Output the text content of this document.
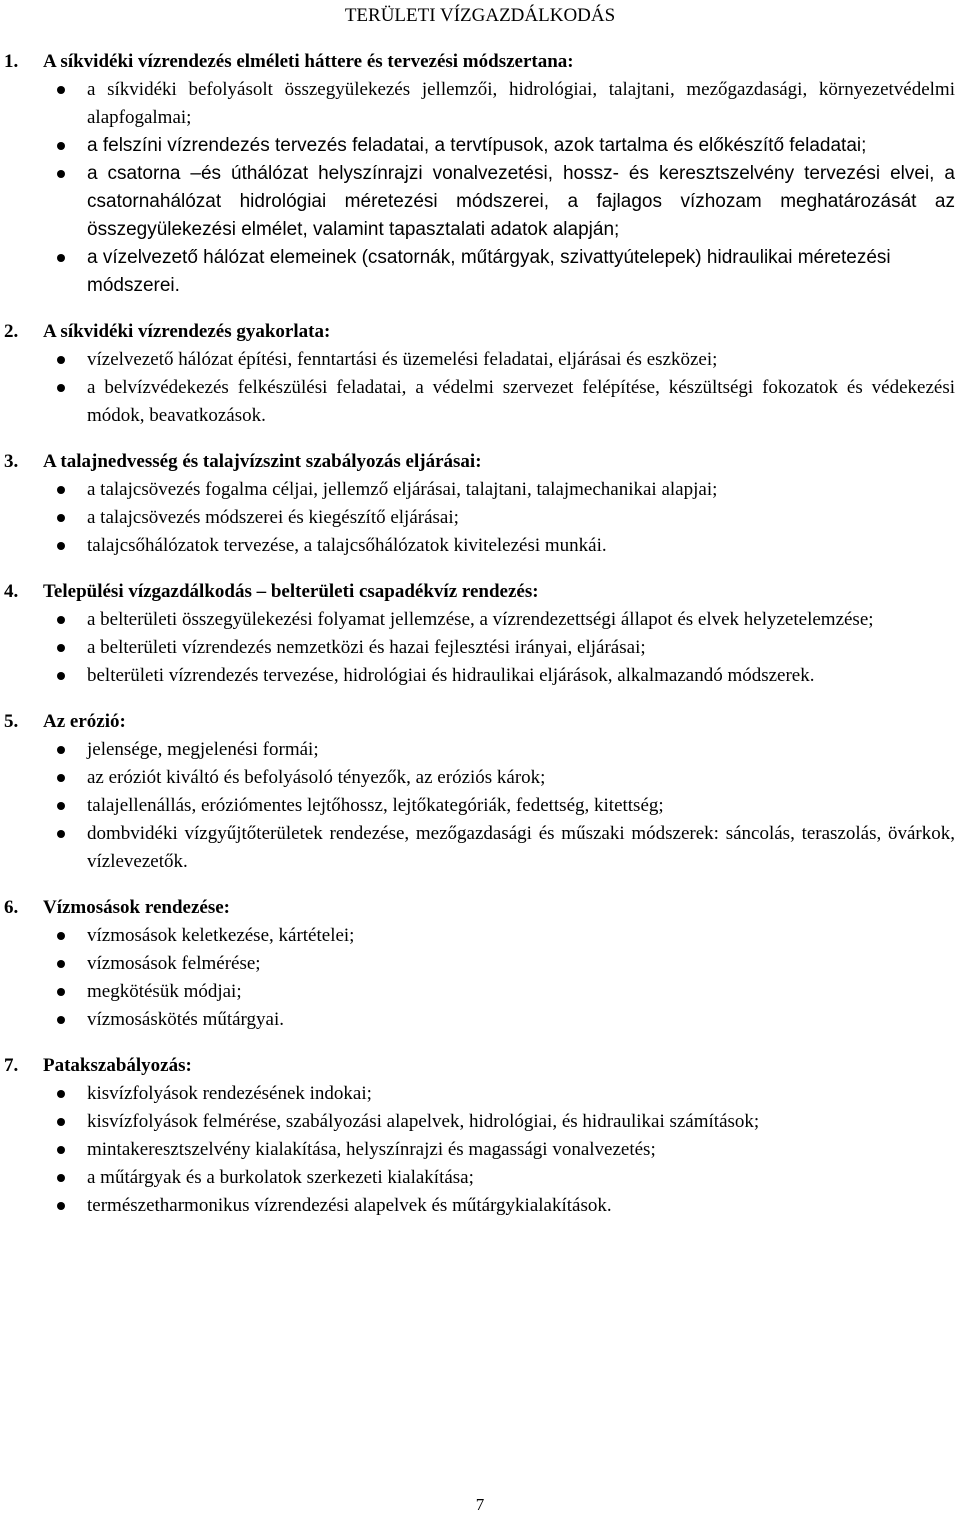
TERÜLETI VÍZGAZDÁLKODÁS

1. A síkvidéki vízrendezés elméleti háttere és tervezési módszertana:

a síkvidéki befolyásolt összegyülekezés jellemzői, hidrológiai, talajtani, mezőgazdasági, környezetvédelmi alapfogalmai;
a felszíni vízrendezés tervezés feladatai, a tervtípusok, azok tartalma és előkészítő feladatai;
a csatorna –és úthálózat helyszínrajzi vonalvezetési, hossz- és keresztszelvény tervezési elvei, a csatornahálózat hidrológiai méretezési módszerei, a fajlagos vízhozam meghatározását az összegyülekezési elmélet, valamint tapasztalati adatok alapján;
a vízelvezető hálózat elemeinek (csatornák, műtárgyak, szivattyútelepek) hidraulikai méretezési módszerei.

2. A síkvidéki vízrendezés gyakorlata:

vízelvezető hálózat építési, fenntartási és üzemelési feladatai, eljárásai és eszközei;
a belvízvédekezés felkészülési feladatai, a védelmi szervezet felépítése, készültségi fokozatok és védekezési módok, beavatkozások.

3. A talajnedvesség és talajvízszint szabályozás eljárásai:

a talajcsövezés fogalma céljai, jellemző eljárásai, talajtani, talajmechanikai alapjai;
a talajcsövezés módszerei és kiegészítő eljárásai;
talajcsőhálózatok tervezése, a talajcsőhálózatok kivitelezési munkái.

4. Települési vízgazdálkodás – belterületi csapadékvíz rendezés:

a belterületi összegyülekezési folyamat jellemzése, a vízrendezettségi állapot és elvek helyzetelemzése;
a belterületi vízrendezés nemzetközi és hazai fejlesztési irányai, eljárásai;
belterületi vízrendezés tervezése, hidrológiai és hidraulikai eljárások, alkalmazandó módszerek.

5. Az erózió:

jelensége, megjelenési formái;
az eróziót kiváltó és befolyásoló tényezők, az eróziós károk;
talajellenállás, eróziómentes lejtőhossz, lejtőkategóriák, fedettség, kitettség;
dombvidéki vízgyűjtőterületek rendezése, mezőgazdasági és műszaki módszerek: sáncolás, teraszolás, övárkok, vízlevezetők.

6. Vízmosások rendezése:

vízmosások keletkezése, kártételei;
vízmosások felmérése;
megkötésük módjai;
vízmosáskötés műtárgyai.

7. Patakszabályozás:

kisvízfolyások rendezésének indokai;
kisvízfolyások felmérése, szabályozási alapelvek, hidrológiai, és hidraulikai számítások;
mintakeresztszelvény kialakítása, helyszínrajzi és magassági vonalvezetés;
a műtárgyak és a burkolatok szerkezeti kialakítása;
természetharmonikus vízrendezési alapelvek és műtárgykialakítások.
7
